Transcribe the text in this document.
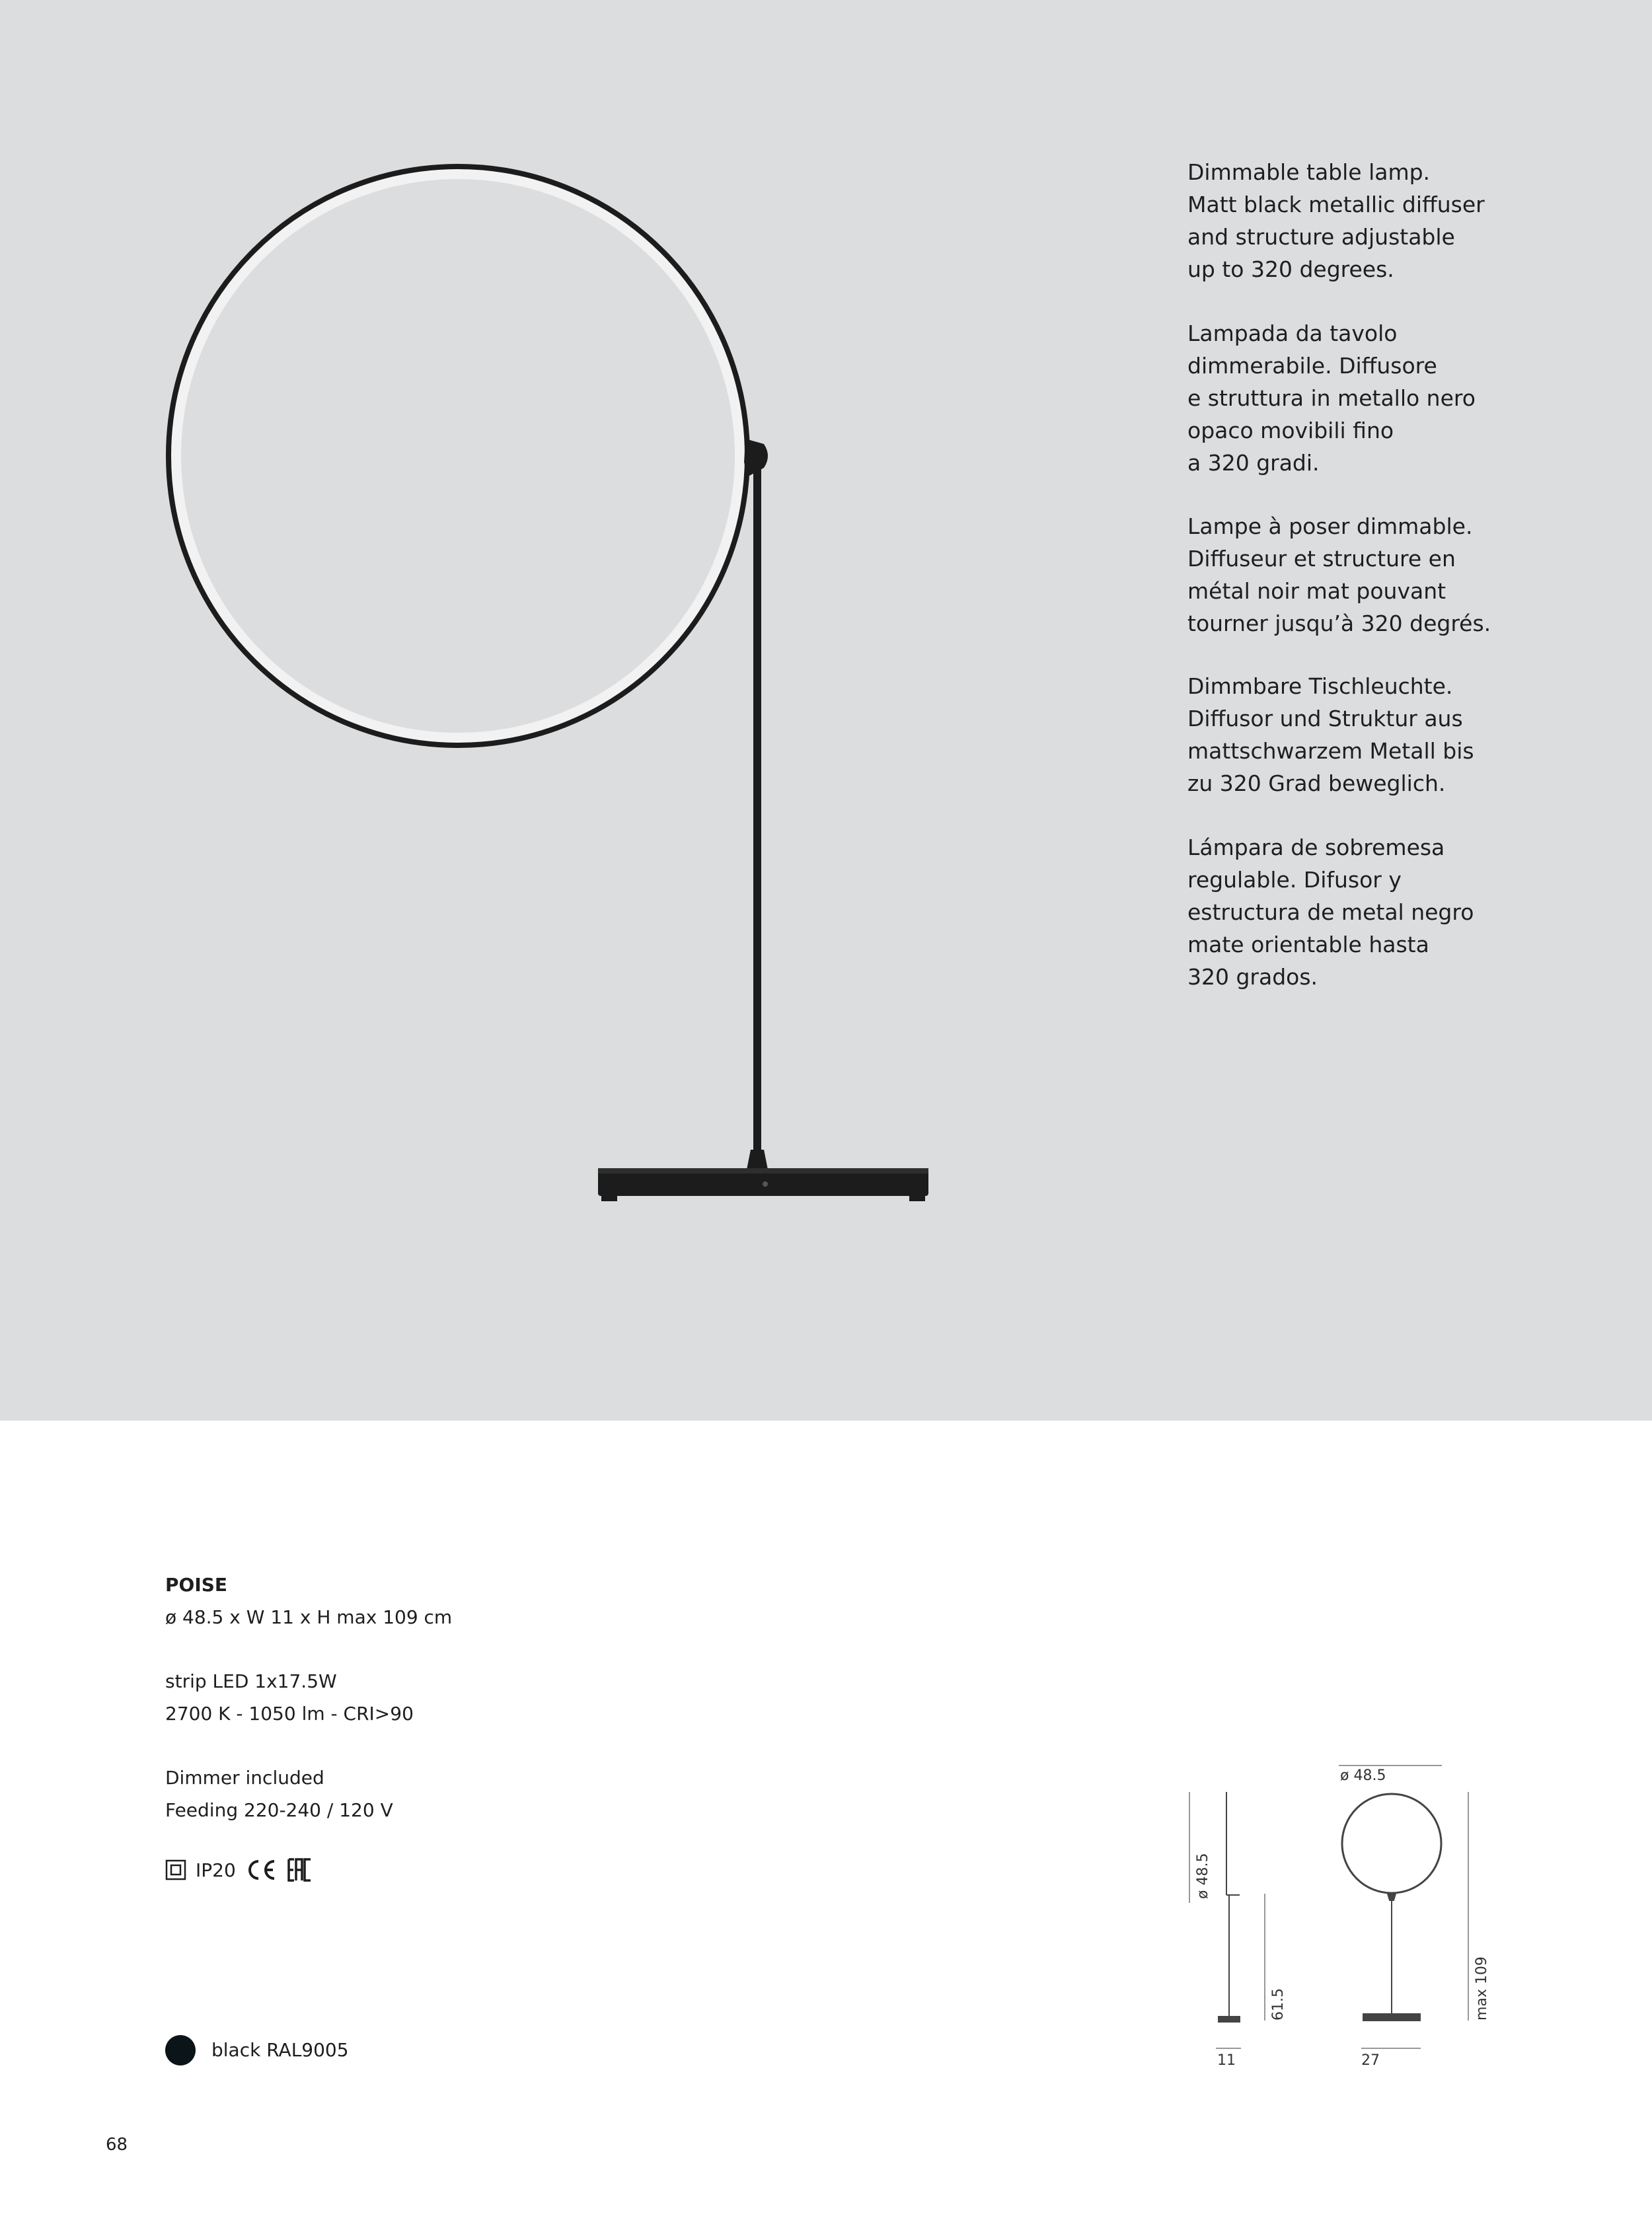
Dimmable table lamp.
Matt black metallic diffuser
and structure adjustable
up to 320 degrees.
Lampada da tavolo
dimmerabile. Diffusore
e struttura in metallo nero
opaco movibili fino
a 320 gradi.
Lampe à poser dimmable.
Diffuseur et structure en
métal noir mat pouvant
tourner jusqu’à 320 degrés.
Dimmbare Tischleuchte.
Diffusor und Struktur aus
mattschwarzem Metall bis
zu 320 Grad beweglich.
Lámpara de sobremesa
regulable. Difusor y
estructura de metal negro
mate orientable hasta
320 grados.
POISE
ø 48.5 x W 11 x H max 109 cm
strip LED 1x17.5W
2700 K - 1050 lm - CRI>90
Dimmer included
Feeding 220-240 / 120 V
IP20
black RAL9005
68
ø 48.5
61.5
11
ø 48.5
max 109
27
